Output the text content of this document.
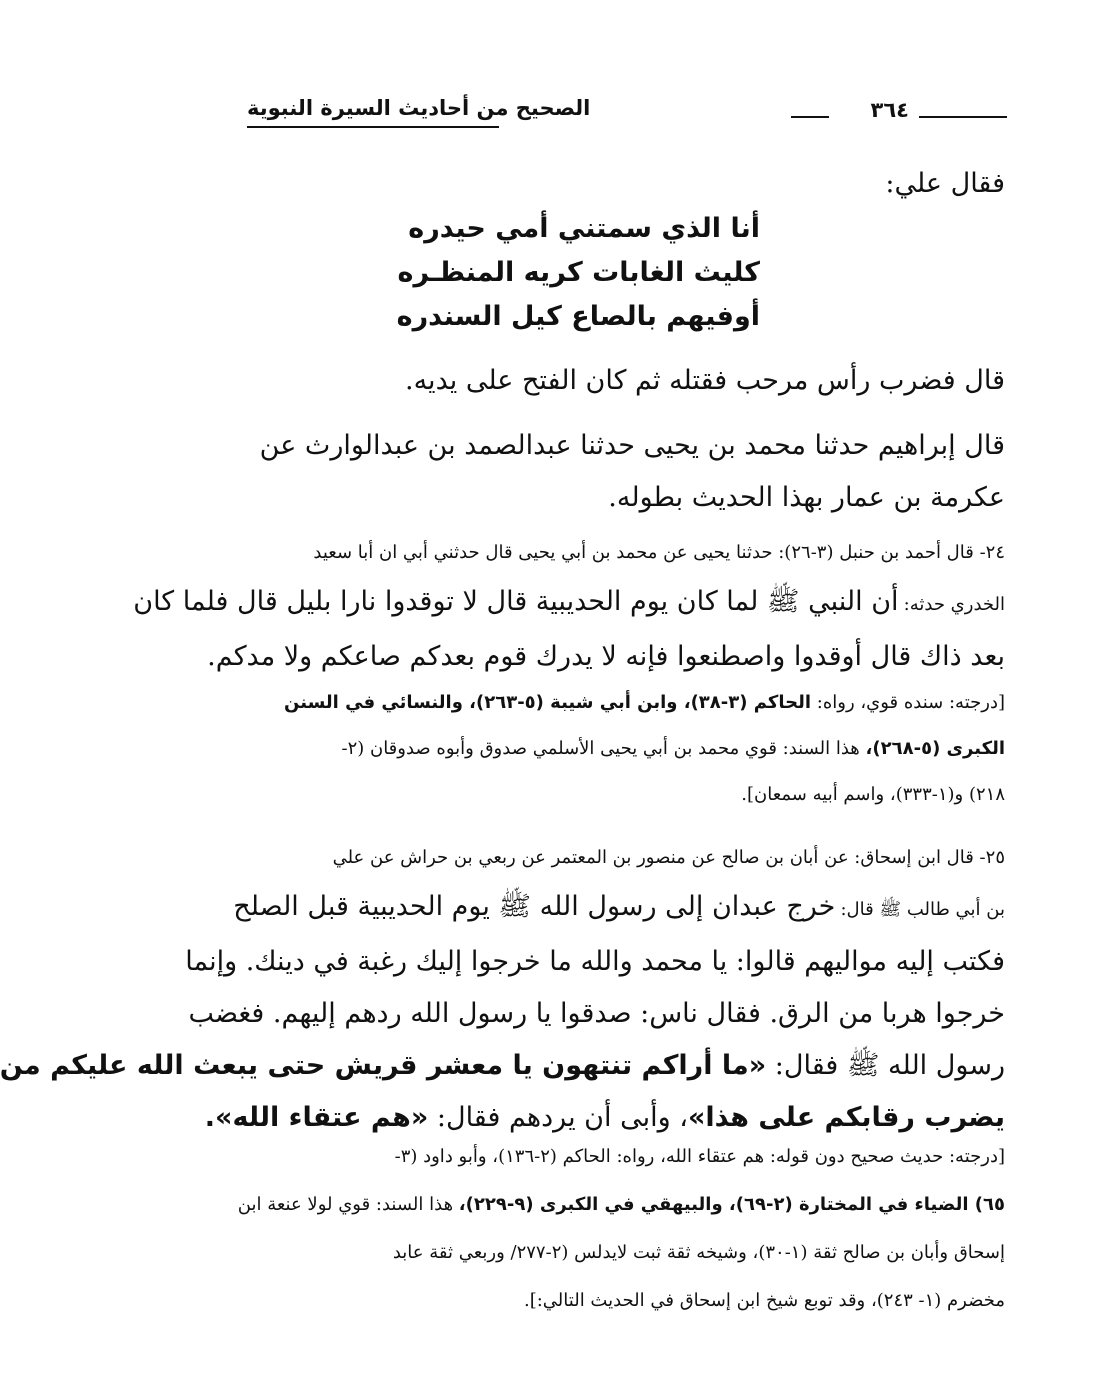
الصحيح من أحاديث السيرة النبوية	٣٦٤
فقال علي:
أنا الذي سمتني أمي حيدره
كليث الغابات كريه المنظـره
أوفيهم بالصاع كيل السندره
قال فضرب رأس مرحب فقتله ثم كان الفتح على يديه.
قال إبراهيم حدثنا محمد بن يحيى حدثنا عبدالصمد بن عبدالوارث عن
عكرمة بن عمار بهذا الحديث بطوله.
٢٤- قال أحمد بن حنبل (٣-٢٦): حدثنا يحيى عن محمد بن أبي يحيى قال حدثني أبي ان أبا سعيد
الخدري حدثه: أن النبي ﷺ لما كان يوم الحديبية قال لا توقدوا نارا بليل قال فلما كان
بعد ذاك قال أوقدوا واصطنعوا فإنه لا يدرك قوم بعدكم صاعكم ولا مدكم.
[درجته: سنده قوي، رواه: الحاكم (٣-٣٨)، وابن أبي شيبة (٥-٢٦٣)، والنسائي في السنن
الكبرى (٥-٢٦٨)، هذا السند: قوي محمد بن أبي يحيى الأسلمي صدوق وأبوه صدوقان (٢-
٢١٨) و(١-٣٣٣)، واسم أبيه سمعان].
٢٥- قال ابن إسحاق: عن أبان بن صالح عن منصور بن المعتمر عن ربعي بن حراش عن علي
بن أبي طالب ﷺ قال: خرج عبدان إلى رسول الله ﷺ يوم الحديبية قبل الصلح
فكتب إليه مواليهم قالوا: يا محمد والله ما خرجوا إليك رغبة في دينك. وإنما
خرجوا هربا من الرق. فقال ناس: صدقوا يا رسول الله ردهم إليهم. فغضب
رسول الله ﷺ فقال: «ما أراكم تنتهون يا معشر قريش حتى يبعث الله عليكم من
يضرب رقابكم على هذا»، وأبى أن يردهم فقال: «هم عتقاء الله».
[درجته: حديث صحيح دون قوله: هم عتقاء الله، رواه: الحاكم (٢-١٣٦)، وأبو داود (٣-
٦٥) الضياء في المختارة (٢-٦٩)، والبيهقي في الكبرى (٩-٢٢٩)، هذا السند: قوي لولا عنعة ابن
إسحاق وأبان بن صالح ثقة (١-٣٠)، وشيخه ثقة ثبت لايدلس (٢-٢٧٧/ وربعي ثقة عابد
مخضرم (١- ٢٤٣)، وقد توبع شيخ ابن إسحاق في الحديث التالي:].
